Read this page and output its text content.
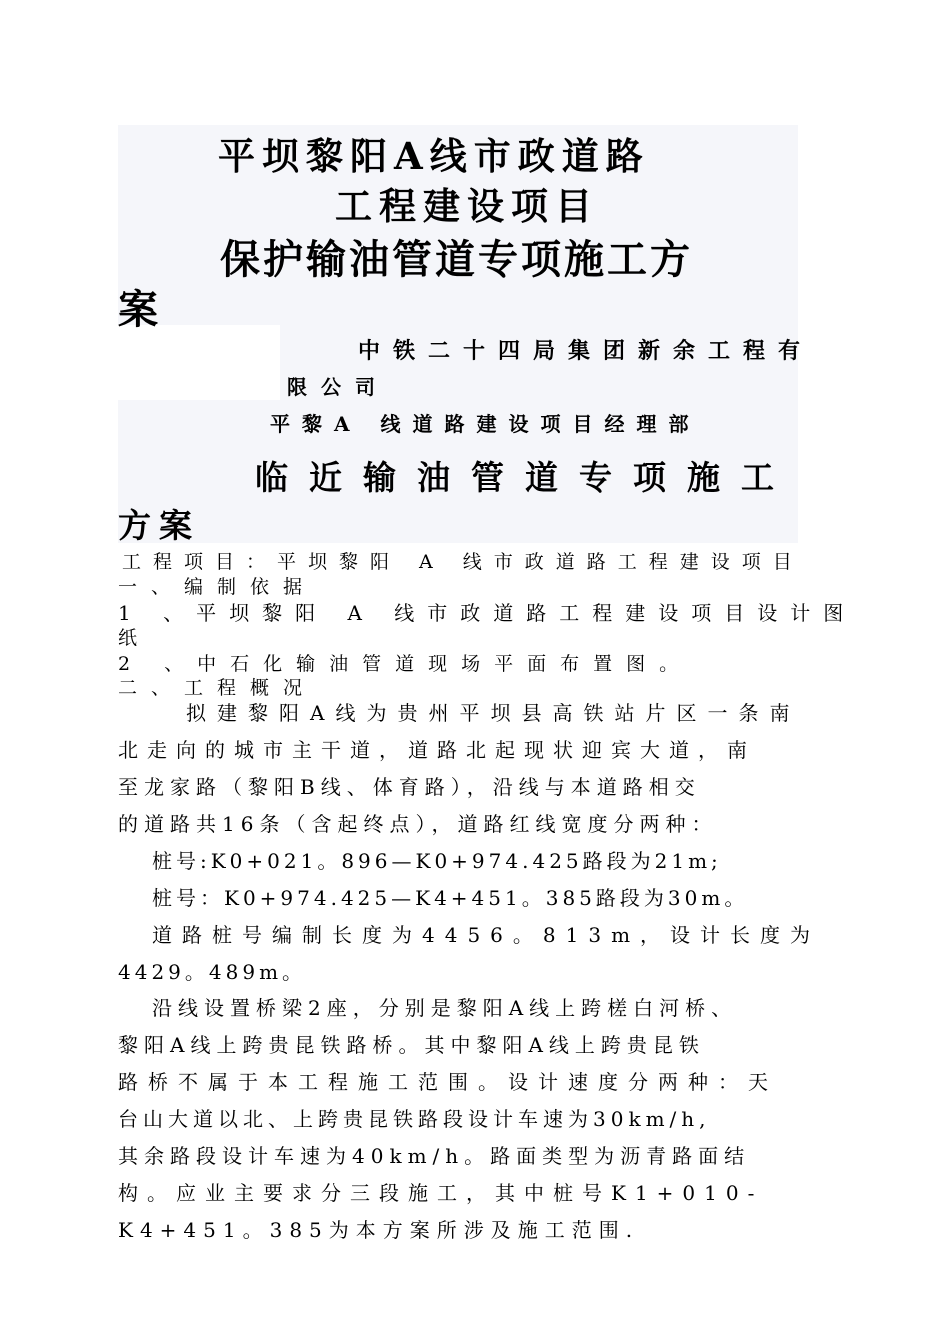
平坝黎阳A线市政道路
工程建设项目
保护输油管道专项施工方
案
中铁二十四局集团新余工程有
限公司
平黎A 线道路建设项目经理部
临近输油管道专项施工
方案
工程项目：平坝黎阳 A 线市政道路工程建设项目
一、编制依据
1 、平坝黎阳 A 线市政道路工程建设项目设计图
纸
2 、中石化输油管道现场平面布置图。
二、工程概况
拟建黎阳A线为贵州平坝县高铁站片区一条南
北走向的城市主干道，道路北起现状迎宾大道，南
至龙家路（黎阳B线、体育路），沿线与本道路相交
的道路共16条（含起终点），道路红线宽度分两种：
桩号:K0+021。896—K0+974.425路段为21m;
桩号：K0+974.425—K4+451。385路段为30m。
道路桩号编制长度为4456。813m，设计长度为
4429。489m。
沿线设置桥梁2座，分别是黎阳A线上跨槎白河桥、
黎阳A线上跨贵昆铁路桥。其中黎阳A线上跨贵昆铁
路桥不属于本工程施工范围。设计速度分两种：天
台山大道以北、上跨贵昆铁路段设计车速为30km/h,
其余路段设计车速为40km/h。路面类型为沥青路面结
构。应业主要求分三段施工，其中桩号K1+010-
K4+451。385为本方案所涉及施工范围.
